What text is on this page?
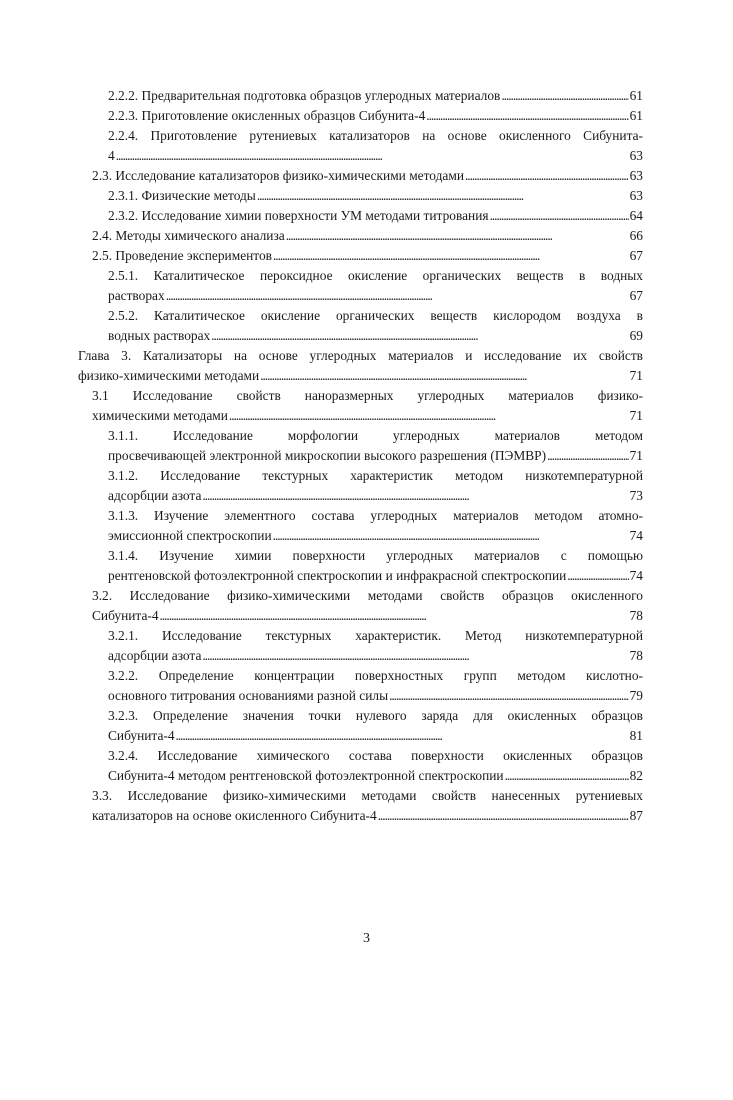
2.2.2. Предварительная подготовка образцов углеродных материалов . . .	61
2.2.3. Приготовление окисленных образцов Сибунита-4 . . .	61
2.2.4. Приготовление рутениевых катализаторов на основе окисленного Сибунита-
4 . . .	63
2.3. Исследование катализаторов физико-химическими методами . . .	63
2.3.1. Физические методы . . .	63
2.3.2. Исследование химии поверхности УМ методами титрования . . .	64
2.4. Методы химического анализа . . .	66
2.5. Проведение экспериментов . . .	67
2.5.1. Каталитическое пероксидное окисление органических веществ в водных
растворах . . .	67
2.5.2. Каталитическое окисление органических веществ кислородом воздуха в
водных растворах . . .	69
Глава 3. Катализаторы на основе углеродных материалов и исследование их свойств
физико-химическими методами . . .	71
3.1 Исследование свойств наноразмерных углеродных материалов физико-
химическими методами . . .	71
3.1.1. Исследование морфологии углеродных материалов методом
просвечивающей электронной микроскопии высокого разрешения (ПЭМВР) . . .	71
3.1.2. Исследование текстурных характеристик методом низкотемпературной
адсорбции азота . . .	73
3.1.3. Изучение элементного состава углеродных материалов методом атомно-
эмиссионной спектроскопии . . .	74
3.1.4. Изучение химии поверхности углеродных материалов с помощью
рентгеновской фотоэлектронной спектроскопии и инфракрасной спектроскопии . . .	74
3.2. Исследование физико-химическими методами свойств образцов окисленного
Сибунита-4 . . .	78
3.2.1. Исследование текстурных характеристик. Метод низкотемпературной
адсорбции азота . . .	78
3.2.2. Определение концентрации поверхностных групп методом кислотно-
основного титрования основаниями разной силы . . .	79
3.2.3. Определение значения точки нулевого заряда для окисленных образцов
Сибунита-4 . . .	81
3.2.4. Исследование химического состава поверхности окисленных образцов
Сибунита-4 методом рентгеновской фотоэлектронной спектроскопии . . .	82
3.3. Исследование физико-химическими методами свойств нанесенных рутениевых
катализаторов на основе окисленного Сибунита-4 . . .	87
3
